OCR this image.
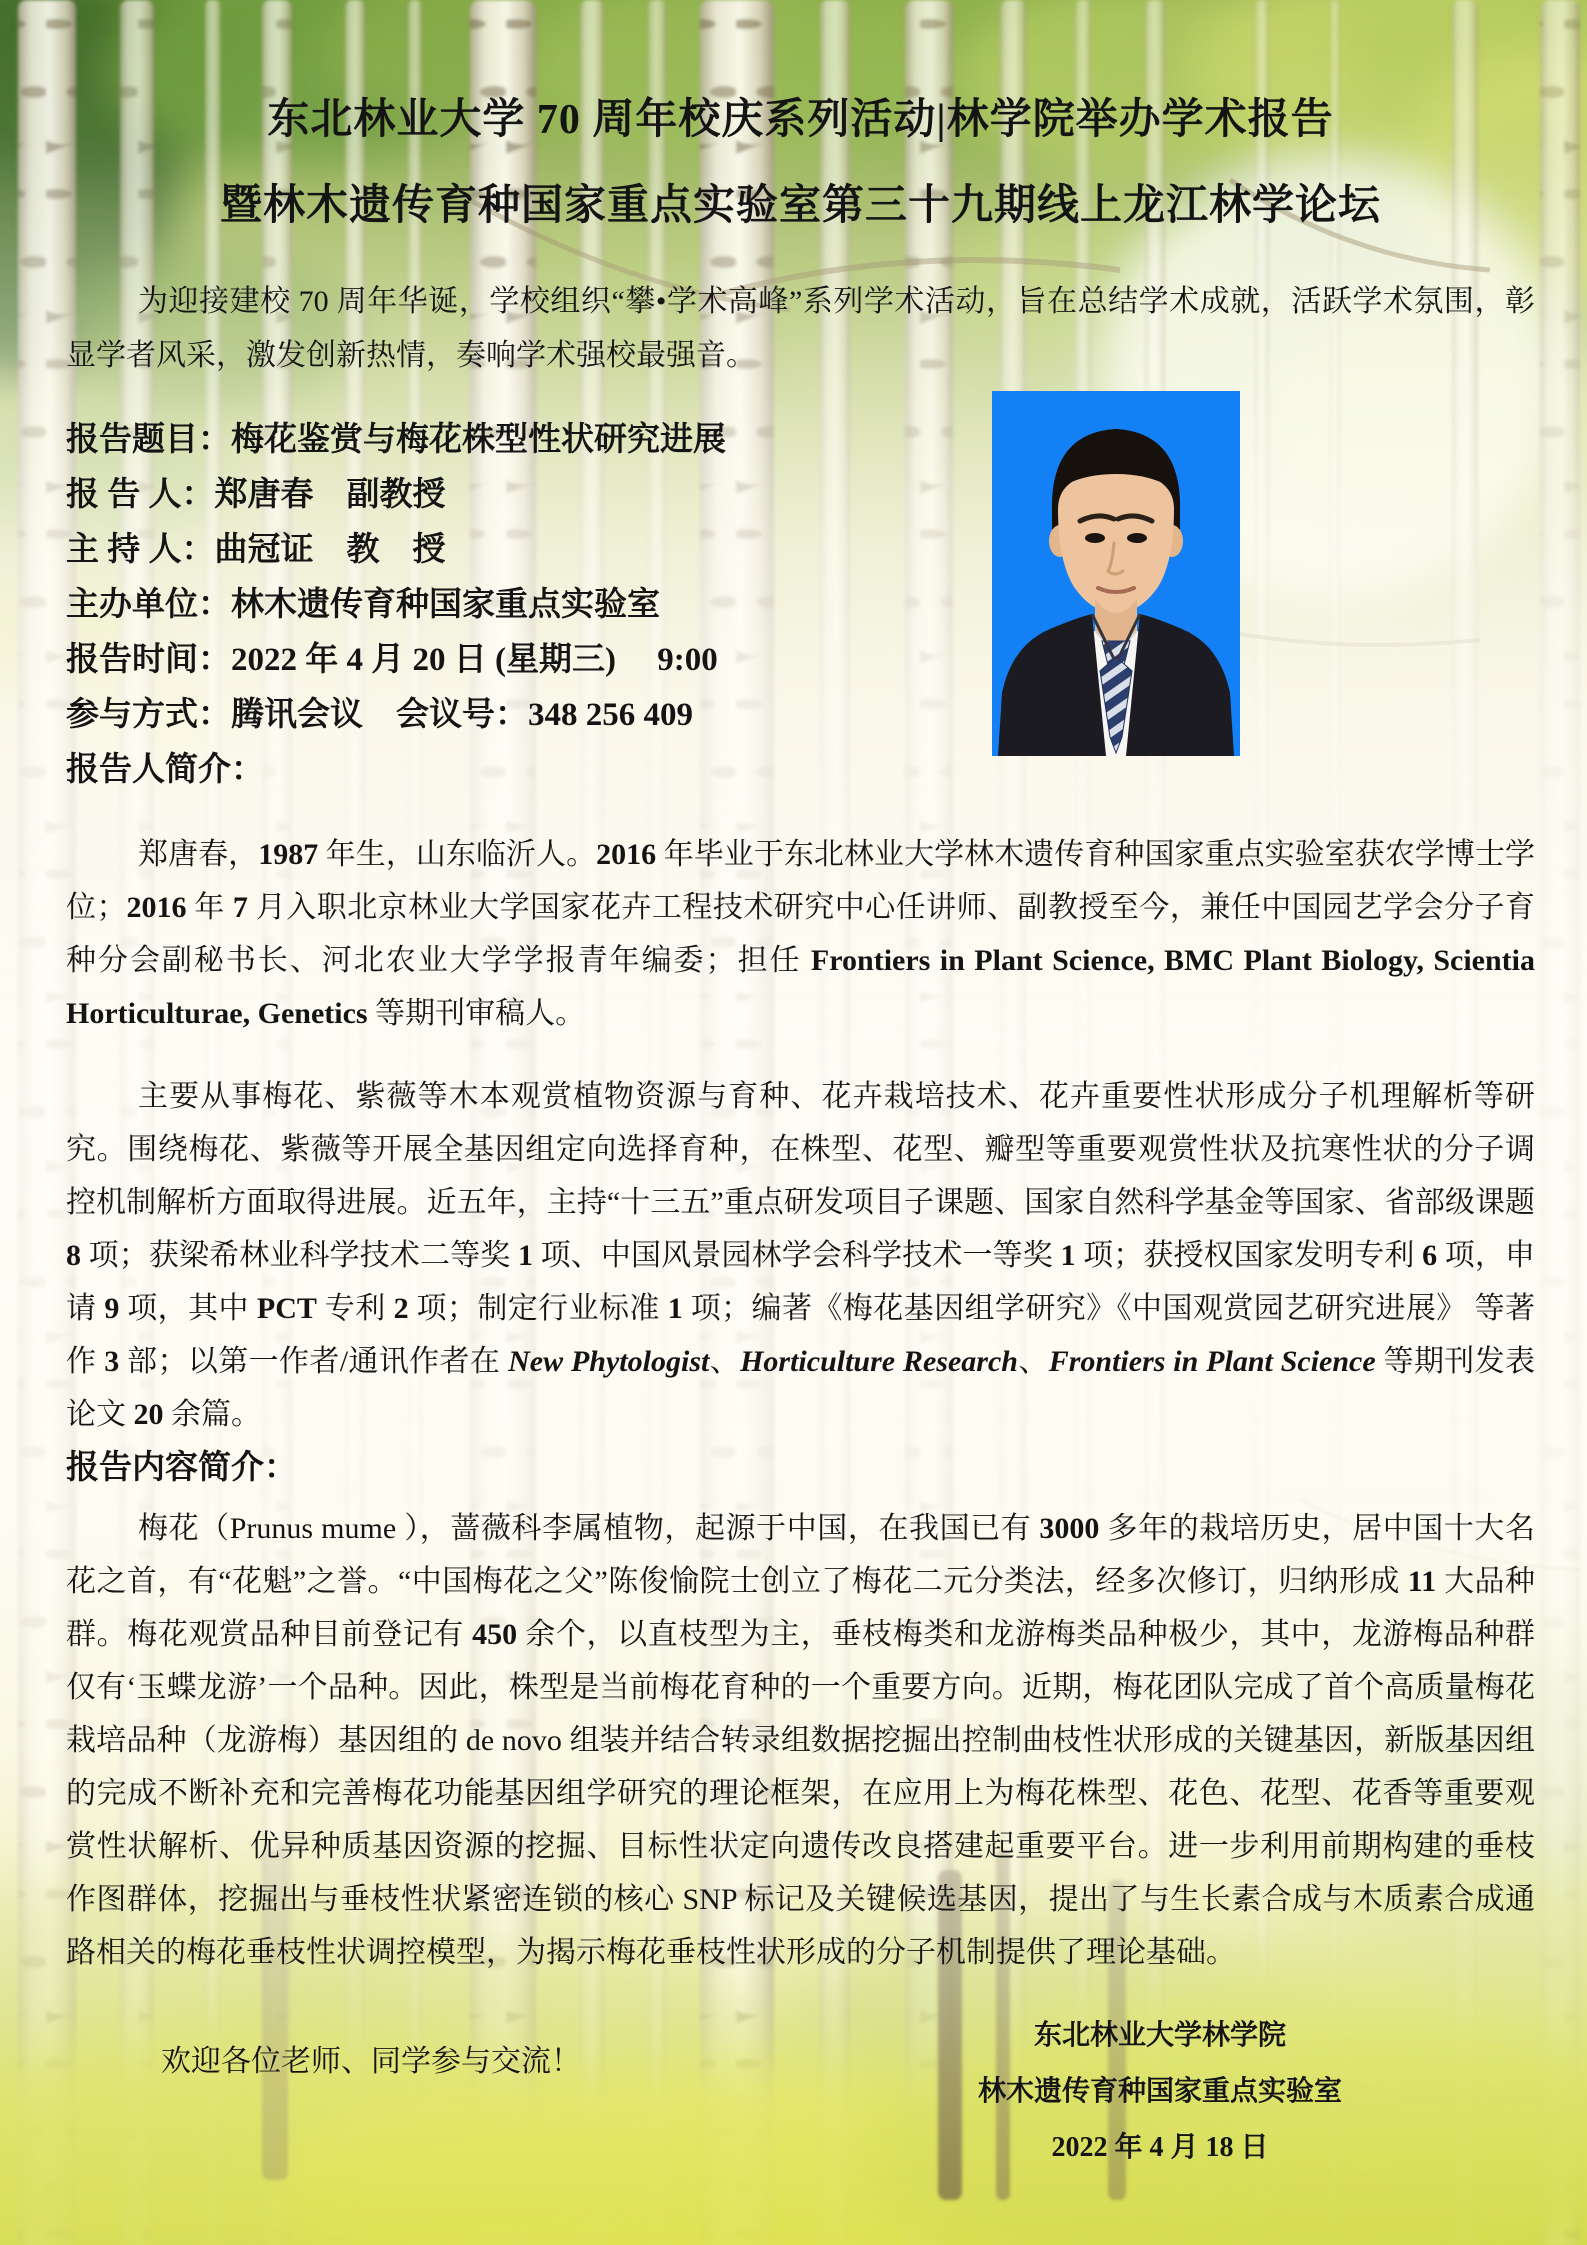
东北林业大学 70 周年校庆系列活动|林学院举办学术报告
暨林木遗传育种国家重点实验室第三十九期线上龙江林学论坛

为迎接建校 70 周年华诞，学校组织“攀•学术高峰”系列学术活动，旨在总结学术成就，活跃学术氛围，彰显学者风采，激发创新热情，奏响学术强校最强音。

报告题目：梅花鉴赏与梅花株型性状研究进展
报 告 人：郑唐春　副教授
主 持 人：曲冠证　教　授
主办单位：林木遗传育种国家重点实验室
报告时间：2022 年 4 月 20 日 (星期三)　 9:00
参与方式：腾讯会议　会议号：348 256 409
报告人简介：

郑唐春，1987 年生，山东临沂人。2016 年毕业于东北林业大学林木遗传育种国家重点实验室获农学博士学位；2016 年 7 月入职北京林业大学国家花卉工程技术研究中心任讲师、副教授至今，兼任中国园艺学会分子育种分会副秘书长、河北农业大学学报青年编委；担任 Frontiers in Plant Science, BMC Plant Biology, Scientia Horticulturae, Genetics 等期刊审稿人。

主要从事梅花、紫薇等木本观赏植物资源与育种、花卉栽培技术、花卉重要性状形成分子机理解析等研究。围绕梅花、紫薇等开展全基因组定向选择育种，在株型、花型、瓣型等重要观赏性状及抗寒性状的分子调控机制解析方面取得进展。近五年，主持“十三五”重点研发项目子课题、国家自然科学基金等国家、省部级课题 8 项；获梁希林业科学技术二等奖 1 项、中国风景园林学会科学技术一等奖 1 项；获授权国家发明专利 6 项，申请 9 项，其中 PCT 专利 2 项；制定行业标准 1 项；编著《梅花基因组学研究》《中国观赏园艺研究进展》 等著作 3 部；以第一作者/通讯作者在 New Phytologist、Horticulture Research、Frontiers in Plant Science 等期刊发表论文 20 余篇。

报告内容简介：

梅花（Prunus mume ），蔷薇科李属植物，起源于中国，在我国已有 3000 多年的栽培历史，居中国十大名花之首，有“花魁”之誉。“中国梅花之父”陈俊愉院士创立了梅花二元分类法，经多次修订，归纳形成 11 大品种群。梅花观赏品种目前登记有 450 余个，以直枝型为主，垂枝梅类和龙游梅类品种极少，其中，龙游梅品种群仅有‘玉蝶龙游’一个品种。因此，株型是当前梅花育种的一个重要方向。近期，梅花团队完成了首个高质量梅花栽培品种（龙游梅）基因组的 de novo 组装并结合转录组数据挖掘出控制曲枝性状形成的关键基因，新版基因组的完成不断补充和完善梅花功能基因组学研究的理论框架，在应用上为梅花株型、花色、花型、花香等重要观赏性状解析、优异种质基因资源的挖掘、目标性状定向遗传改良搭建起重要平台。进一步利用前期构建的垂枝作图群体，挖掘出与垂枝性状紧密连锁的核心 SNP 标记及关键候选基因，提出了与生长素合成与木质素合成通路相关的梅花垂枝性状调控模型，为揭示梅花垂枝性状形成的分子机制提供了理论基础。

欢迎各位老师、同学参与交流！
东北林业大学林学院
林木遗传育种国家重点实验室
2022 年 4 月 18 日
